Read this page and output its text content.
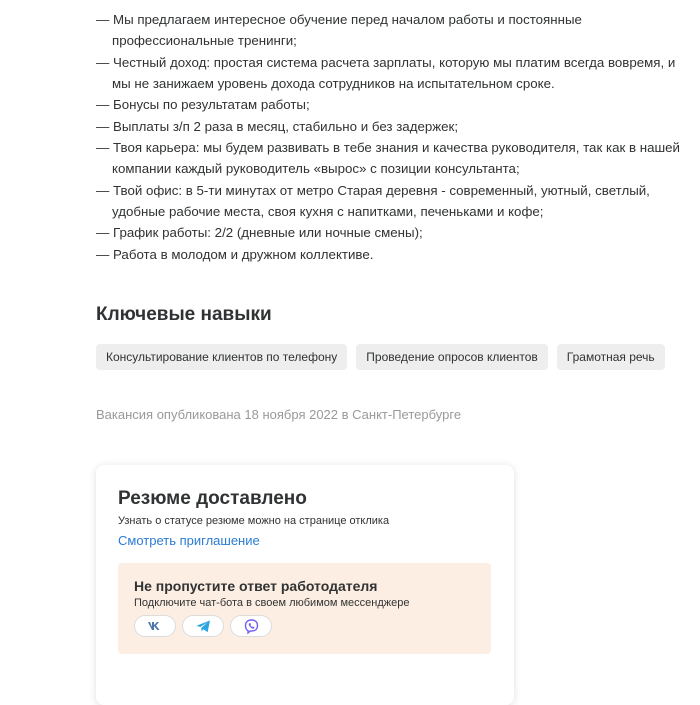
— Мы предлагаем интересное обучение перед началом работы и постоянные профессиональные тренинги;
— Честный доход: простая система расчета зарплаты, которую мы платим всегда вовремя, и мы не занижаем уровень дохода сотрудников на испытательном сроке.
— Бонусы по результатам работы;
— Выплаты з/п 2 раза в месяц, стабильно и без задержек;
— Твоя карьера: мы будем развивать в тебе знания и качества руководителя, так как в нашей компании каждый руководитель «вырос» с позиции консультанта;
— Твой офис: в 5-ти минутах от метро Старая деревня - современный, уютный, светлый, удобные рабочие места, своя кухня с напитками, печеньками и кофе;
— График работы: 2/2 (дневные или ночные смены);
— Работа в молодом и дружном коллективе.
Ключевые навыки
Консультирование клиентов по телефону	Проведение опросов клиентов	Грамотная речь
Вакансия опубликована 18 ноября 2022 в Санкт-Петербурге
Резюме доставлено
Узнать о статусе резюме можно на странице отклика
Смотреть приглашение
Не пропустите ответ работодателя
Подключите чат-бота в своем любимом мессенджере
